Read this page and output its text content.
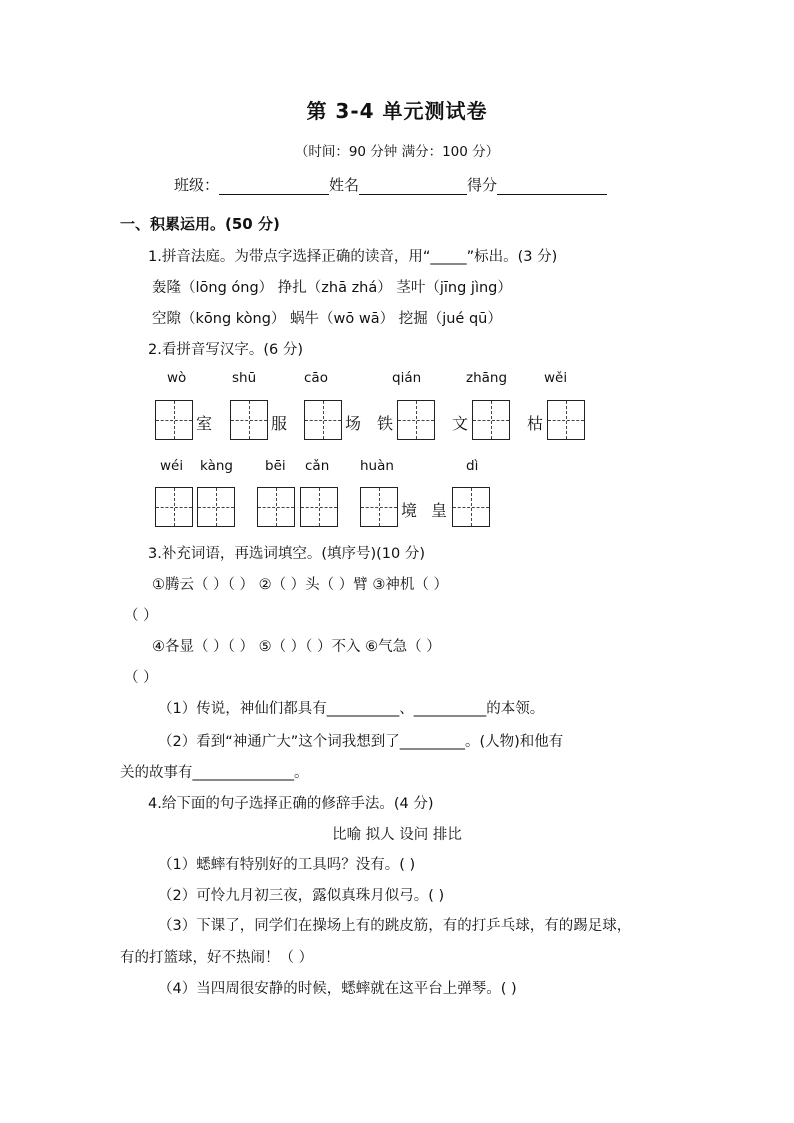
第 3-4 单元测试卷
（时间：90 分钟 满分：100 分）
班级：	姓名	得分
一、积累运用。(50 分)
1.拼音法庭。为带点字选择正确的读音，用“_____”标出。(3 分)
轰隆（lōng óng） 挣扎（zhā zhá） 茎叶（jīng jìng）
空隙（kōng kòng） 蜗牛（wō wā） 挖掘（jué qū）
2.看拼音写汉字。(6 分)
wò	shū	cāo	qián	zhāng	wěi
室	服	场 铁	文	枯
wéi kàng bēi cǎn huàn	dì
境 皇
3.补充词语，再选词填空。(填序号)(10 分)
①腾云（ ）（ ） ②（ ）头（ ）臂 ③神机（ ）
（ ）
④各显（ ）（ ） ⑤（ ）（ ）不入 ⑥气急（ ）
（ ）
（1）传说，神仙们都具有__________、__________的本领。
（2）看到“神通广大”这个词我想到了_________。(人物)和他有
关的故事有______________。
4.给下面的句子选择正确的修辞手法。(4 分)
比喻 拟人 设问 排比
（1）蟋蟀有特别好的工具吗？没有。( )
（2）可怜九月初三夜，露似真珠月似弓。( )
（3）下课了，同学们在操场上有的跳皮筋，有的打乒乓球，有的踢足球，
有的打篮球，好不热闹！（ ）
（4）当四周很安静的时候，蟋蟀就在这平台上弹琴。( )
